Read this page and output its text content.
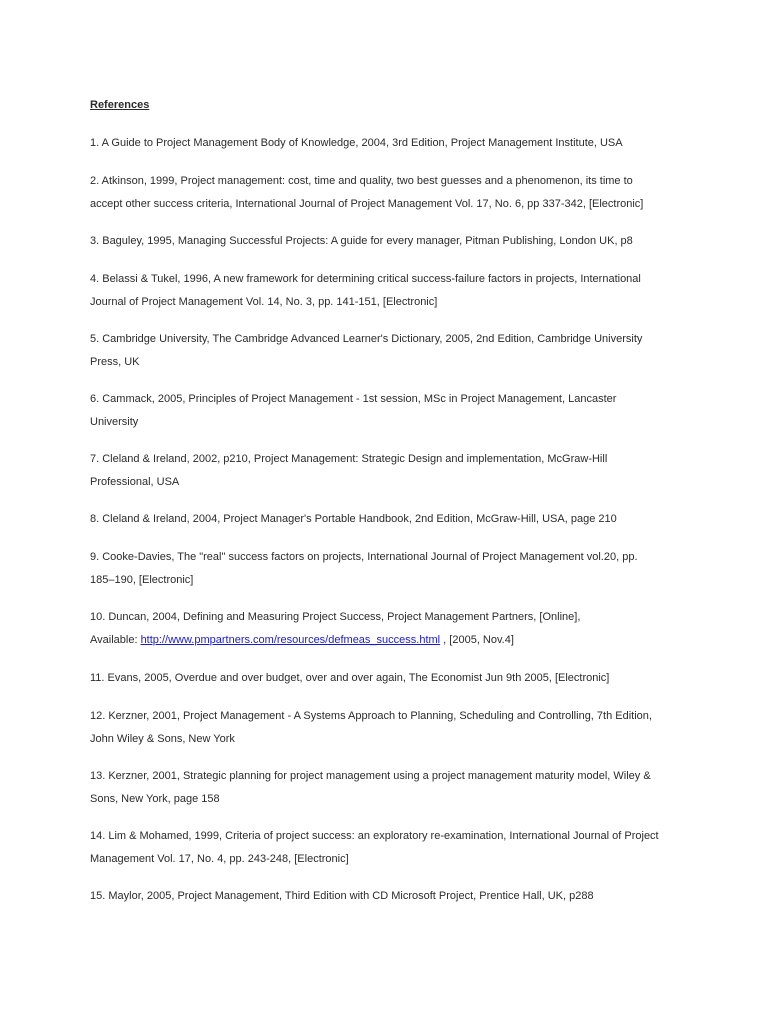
References
1. A Guide to Project Management Body of Knowledge, 2004, 3rd Edition, Project Management Institute, USA
2. Atkinson, 1999, Project management: cost, time and quality, two best guesses and a phenomenon, its time to
accept other success criteria, International Journal of Project Management Vol. 17, No. 6, pp 337-342, [Electronic]
3. Baguley, 1995, Managing Successful Projects: A guide for every manager, Pitman Publishing, London UK, p8
4. Belassi & Tukel, 1996, A new framework for determining critical success-failure factors in projects, International
Journal of Project Management Vol. 14, No. 3, pp. 141-151, [Electronic]
5. Cambridge University, The Cambridge Advanced Learner's Dictionary, 2005, 2nd Edition, Cambridge University
Press, UK
6. Cammack, 2005, Principles of Project Management - 1st session, MSc in Project Management, Lancaster
University
7. Cleland & Ireland, 2002, p210, Project Management: Strategic Design and implementation, McGraw-Hill
Professional, USA
8. Cleland & Ireland, 2004, Project Manager's Portable Handbook, 2nd Edition, McGraw-Hill, USA, page 210
9. Cooke-Davies, The "real" success factors on projects, International Journal of Project Management vol.20, pp.
185–190, [Electronic]
10. Duncan, 2004, Defining and Measuring Project Success, Project Management Partners, [Online],
Available: http://www.pmpartners.com/resources/defmeas_success.html , [2005, Nov.4]
11. Evans, 2005, Overdue and over budget, over and over again, The Economist Jun 9th 2005, [Electronic]
12. Kerzner, 2001, Project Management - A Systems Approach to Planning, Scheduling and Controlling, 7th Edition,
John Wiley & Sons, New York
13. Kerzner, 2001, Strategic planning for project management using a project management maturity model, Wiley &
Sons, New York, page 158
14. Lim & Mohamed, 1999, Criteria of project success: an exploratory re-examination, International Journal of Project
Management Vol. 17, No. 4, pp. 243-248, [Electronic]
15. Maylor, 2005, Project Management, Third Edition with CD Microsoft Project, Prentice Hall, UK, p288
